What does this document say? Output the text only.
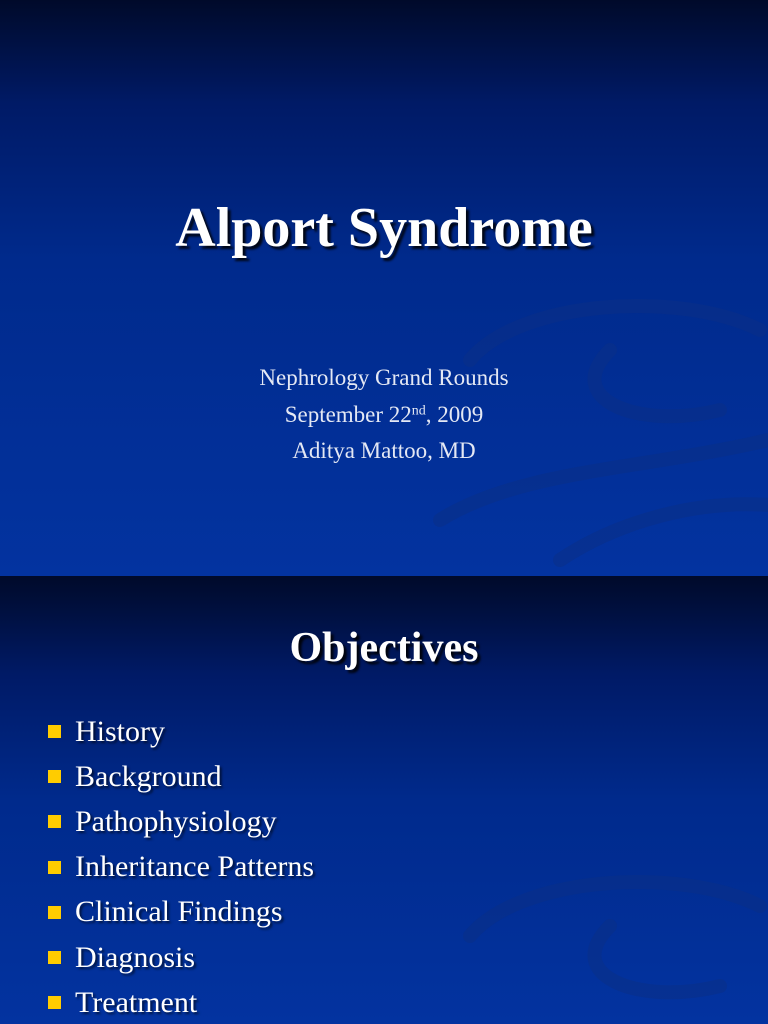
Alport Syndrome
Nephrology Grand Rounds
September 22nd, 2009
Aditya Mattoo, MD
Objectives
History
Background
Pathophysiology
Inheritance Patterns
Clinical Findings
Diagnosis
Treatment
